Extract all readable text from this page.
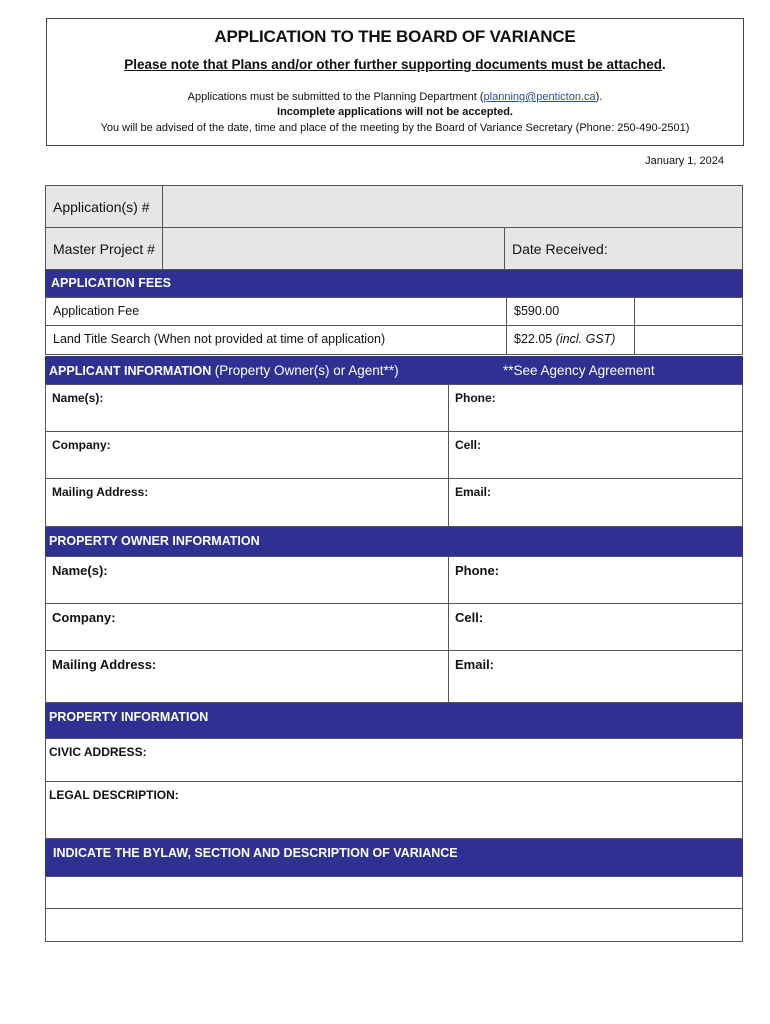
APPLICATION TO THE BOARD OF VARIANCE
Please note that Plans and/or other further supporting documents must be attached.
Applications must be submitted to the Planning Department (planning@penticton.ca).
Incomplete applications will not be accepted.
You will be advised of the date, time and place of the meeting by the Board of Variance Secretary (Phone: 250-490-2501)
January 1, 2024
Application(s) #
Master Project #	Date Received:
APPLICATION FEES
Application Fee	$590.00
Land Title Search (When not provided at time of application)	$22.05 (incl. GST)
APPLICANT INFORMATION (Property Owner(s) or Agent**)	**See Agency Agreement
Name(s):	Phone:
Company:	Cell:
Mailing Address:	Email:
PROPERTY OWNER INFORMATION
Name(s):	Phone:
Company:	Cell:
Mailing Address:	Email:
PROPERTY INFORMATION
CIVIC ADDRESS:
LEGAL DESCRIPTION:
INDICATE THE BYLAW, SECTION AND DESCRIPTION OF VARIANCE
